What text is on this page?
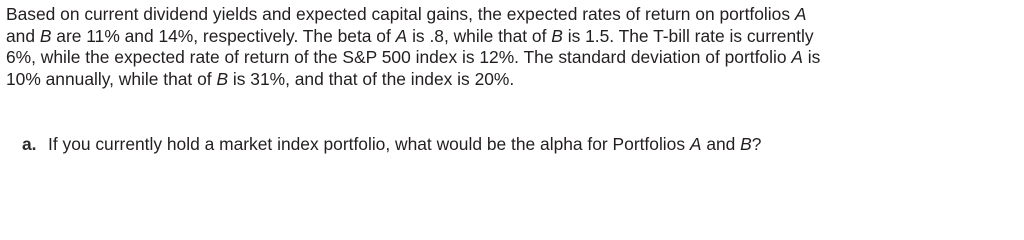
Based on current dividend yields and expected capital gains, the expected rates of return on portfolios A
and B are 11% and 14%, respectively. The beta of A is .8, while that of B is 1.5. The T-bill rate is currently
6%, while the expected rate of return of the S&P 500 index is 12%. The standard deviation of portfolio A is
10% annually, while that of B is 31%, and that of the index is 20%.
a. If you currently hold a market index portfolio, what would be the alpha for Portfolios A and B?
